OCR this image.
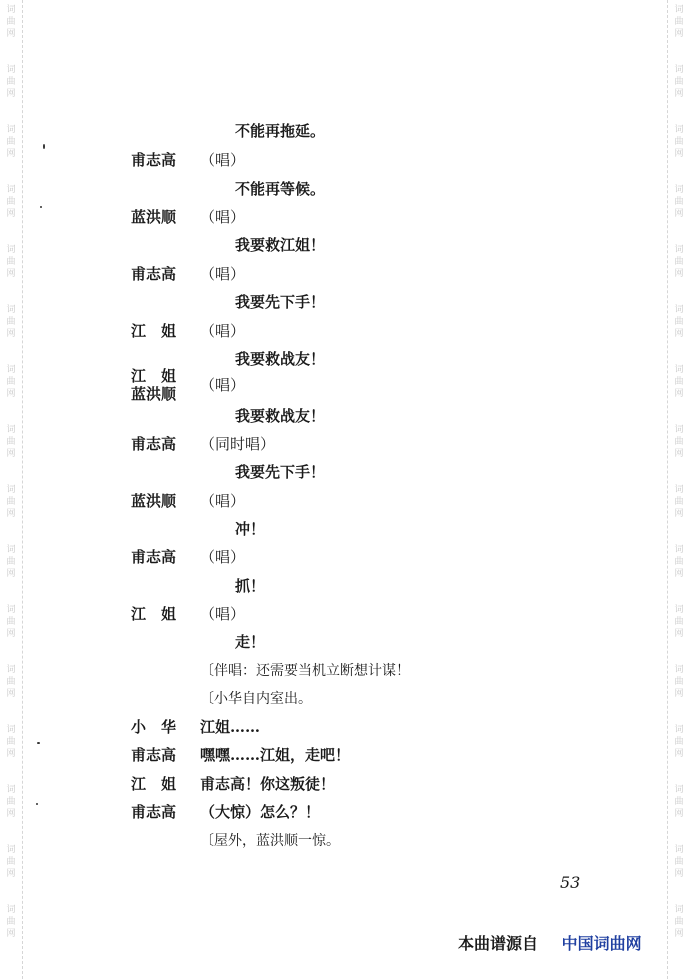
词
曲
网
词
曲
网
词
曲
网
词
曲
网
词
曲
网
词
曲
网
词
曲
网
词
曲
网
词
曲
网
词
曲
网
词
曲
网
词
曲
网
词
曲
网
词
曲
网
词
曲
网
词
曲
网
词
曲
网
词
曲
网
词
曲
网
词
曲
网
词
曲
网
词
曲
网
词
曲
网
词
曲
网
词
曲
网
词
曲
网
词
曲
网
词
曲
网
词
曲
网
词
曲
网
词
曲
网
词
曲
网
不能再拖延。
甫志高 （唱）
不能再等候。
蓝洪顺 （唱）
我要救江姐！
甫志高 （唱）
我要先下手！
江　姐 （唱）
我要救战友！
江　姐
蓝洪顺 （唱）
我要救战友！
甫志高 （同时唱）
我要先下手！
蓝洪顺 （唱）
冲！
甫志高 （唱）
抓！
江　姐 （唱）
走！
〔伴唱：还需要当机立断想计谋！
〔小华自内室出。
小　华 江姐……
甫志高 嘿嘿……江姐，走吧！
江　姐 甫志高！你这叛徒！
甫志高 （大惊）怎么？！
〔屋外，蓝洪顺一惊。
53
本曲谱源自 中国词曲网
